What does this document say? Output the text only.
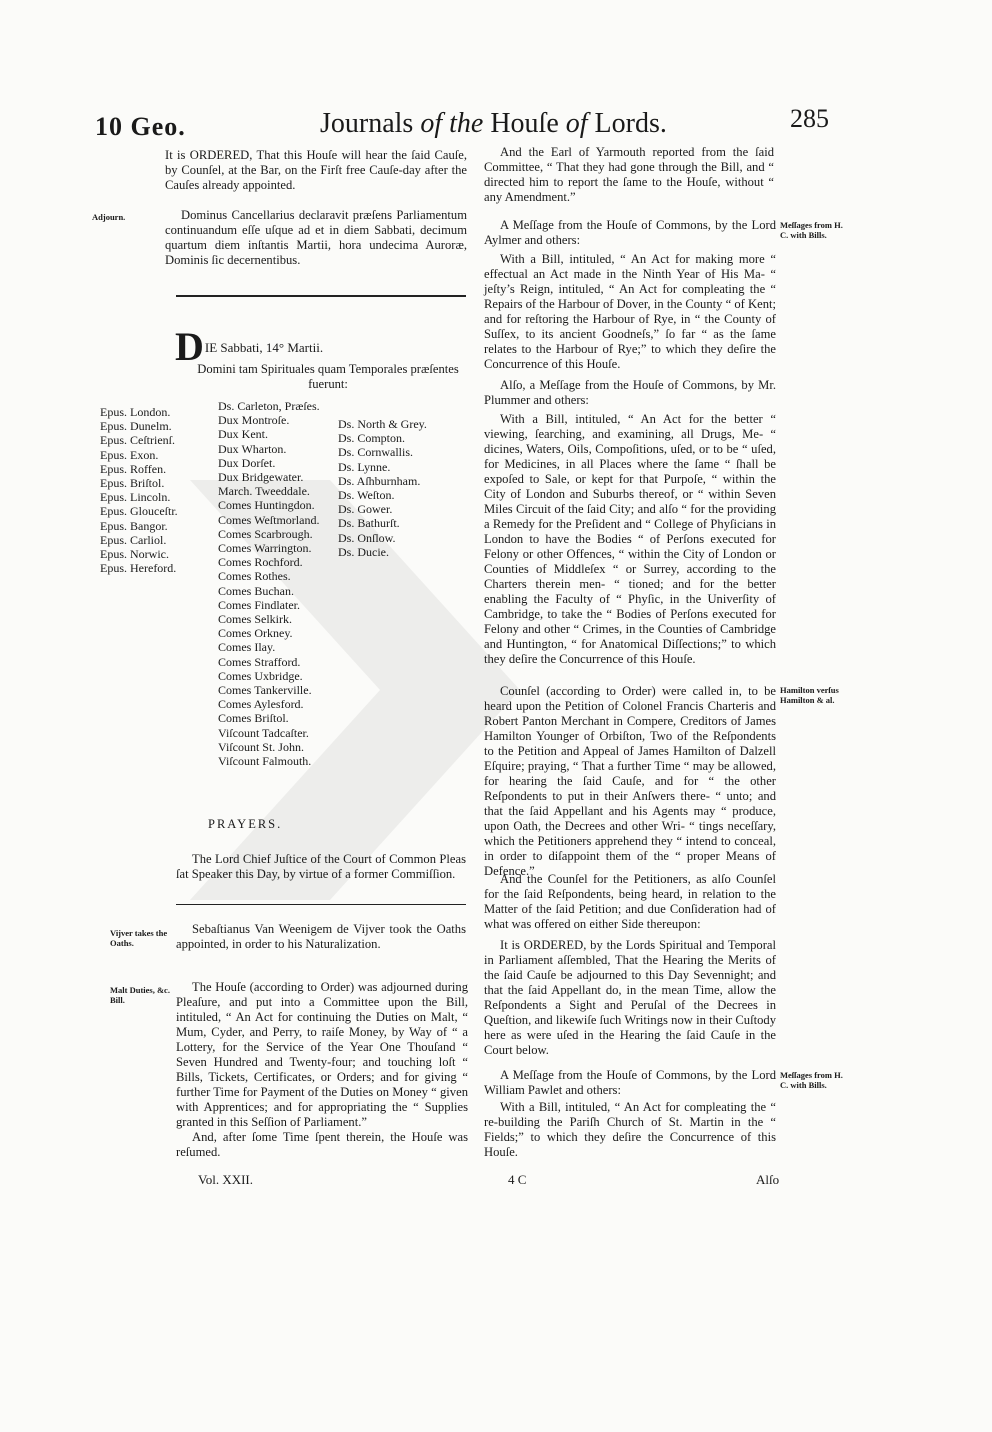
10 Geo.	Journals of the Houſe of Lords.	285
It is ORDERED, That this Houſe will hear the ſaid Cauſe, by Counſel, at the Bar, on the Firſt free Cauſe-day after the Cauſes already appointed.
Adjourn.	Dominus Cancellarius declaravit præſens Parliamentum continuandum eſſe uſque ad et in diem Sabbati, decimum quartum diem inſtantis Martii, hora undecima Auroræ, Dominis ſic decernentibus.

DIE Sabbati, 14° Martii.
Domini tam Spirituales quam Temporales præſentes fuerunt:
Epus. London.
Epus. Dunelm.
Epus. Ceſtrienſ.
Epus. Exon.
Epus. Roffen.
Epus. Briſtol.
Epus. Lincoln.
Epus. Glouceſtr.
Epus. Bangor.
Epus. Carliol.
Epus. Norwic.
Epus. Hereford.
Ds. Carleton, Præſes.
Dux Montroſe.
Dux Kent.
Dux Wharton.
Dux Dorſet.
Dux Bridgewater.
March. Tweeddale.
Comes Huntingdon.
Comes Weſtmorland.
Comes Scarbrough.
Comes Warrington.
Comes Rochford.
Comes Rothes.
Comes Buchan.
Comes Findlater.
Comes Selkirk.
Comes Orkney.
Comes Ilay.
Comes Strafford.
Comes Uxbridge.
Comes Tankerville.
Comes Aylesford.
Comes Briſtol.
Viſcount Tadcaſter.
Viſcount St. John.
Viſcount Falmouth.
Ds. North & Grey.
Ds. Compton.
Ds. Cornwallis.
Ds. Lynne.
Ds. Aſhburnham.
Ds. Weſton.
Ds. Gower.
Ds. Bathurſt.
Ds. Onſlow.
Ds. Ducie.
PRAYERS.

The Lord Chief Juſtice of the Court of Common Pleas ſat Speaker this Day, by virtue of a former Commiſſion.

Vijver takes the Oaths.

Sebaſtianus Van Weenigem de Vijver took the Oaths appointed, in order to his Naturalization.

Malt Duties, &c. Bill.

The Houſe (according to Order) was adjourned during Pleaſure, and put into a Committee upon the Bill, intituled, “ An Act for continuing the Duties on Malt, “ Mum, Cyder, and Perry, to raiſe Money, by Way of “ a Lottery, for the Service of the Year One Thouſand “ Seven Hundred and Twenty-four; and touching loſt “ Bills, Tickets, Certificates, or Orders; and for giving “ further Time for Payment of the Duties on Money “ given with Apprentices; and for appropriating the “ Supplies granted in this Seſſion of Parliament.”

And, after ſome Time ſpent therein, the Houſe was reſumed.

And the Earl of Yarmouth reported from the ſaid Committee, “ That they had gone through the Bill, and “ directed him to report the ſame to the Houſe, without “ any Amendment.”

A Meſſage from the Houſe of Commons, by the Lord Aylmer and others:

Meſſages from H. C. with Bills.

With a Bill, intituled, “ An Act for making more “ effectual an Act made in the Ninth Year of His Ma- “ jeſty’s Reign, intituled, “ An Act for compleating the “ Repairs of the Harbour of Dover, in the County “ of Kent; and for reſtoring the Harbour of Rye, in “ the County of Suſſex, to its ancient Goodneſs,” ſo far “ as the ſame relates to the Harbour of Rye;” to which they deſire the Concurrence of this Houſe.

Alſo, a Meſſage from the Houſe of Commons, by Mr. Plummer and others:

With a Bill, intituled, “ An Act for the better “ viewing, ſearching, and examining, all Drugs, Me- “ dicines, Waters, Oils, Compoſitions, uſed, or to be “ uſed, for Medicines, in all Places where the ſame “ ſhall be expoſed to Sale, or kept for that Purpoſe, “ within the City of London and Suburbs thereof, or “ within Seven Miles Circuit of the ſaid City; and alſo “ for the providing a Remedy for the Preſident and “ College of Phyſicians in London to have the Bodies “ of Perſons executed for Felony or other Offences, “ within the City of London or Counties of Middleſex “ or Surrey, according to the Charters therein men- “ tioned; and for the better enabling the Faculty of “ Phyſic, in the Univerſity of Cambridge, to take the “ Bodies of Perſons executed for Felony and other “ Crimes, in the Counties of Cambridge and Huntington, “ for Anatomical Diſſections;” to which they deſire the Concurrence of this Houſe.

Counſel (according to Order) were called in, to be heard upon the Petition of Colonel Francis Charteris and Robert Panton Merchant in Compere, Creditors of James Hamilton Younger of Orbiſton, Two of the Reſpondents to the Petition and Appeal of James Hamilton of Dalzell Eſquire; praying, “ That a further Time “ may be allowed, for hearing the ſaid Cauſe, and for “ the other Reſpondents to put in their Anſwers there- “ unto; and that the ſaid Appellant and his Agents may “ produce, upon Oath, the Decrees and other Wri- “ tings neceſſary, which the Petitioners apprehend they “ intend to conceal, in order to diſappoint them of the “ proper Means of Defence.”

Hamilton verſus Hamilton & al.

And the Counſel for the Petitioners, as alſo Counſel for the ſaid Reſpondents, being heard, in relation to the Matter of the ſaid Petition; and due Conſideration had of what was offered on either Side thereupon:

It is ORDERED, by the Lords Spiritual and Temporal in Parliament aſſembled, That the Hearing the Merits of the ſaid Cauſe be adjourned to this Day Sevennight; and that the ſaid Appellant do, in the mean Time, allow the Reſpondents a Sight and Peruſal of the Decrees in Queſtion, and likewiſe ſuch Writings now in their Cuſtody here as were uſed in the Hearing the ſaid Cauſe in the Court below.

A Meſſage from the Houſe of Commons, by the Lord William Pawlet and others:

Meſſages from H. C. with Bills.

With a Bill, intituled, “ An Act for compleating the “ re-building the Pariſh Church of St. Martin in the “ Fields;” to which they deſire the Concurrence of this Houſe.

Vol. XXII.	4 C	Alſo
